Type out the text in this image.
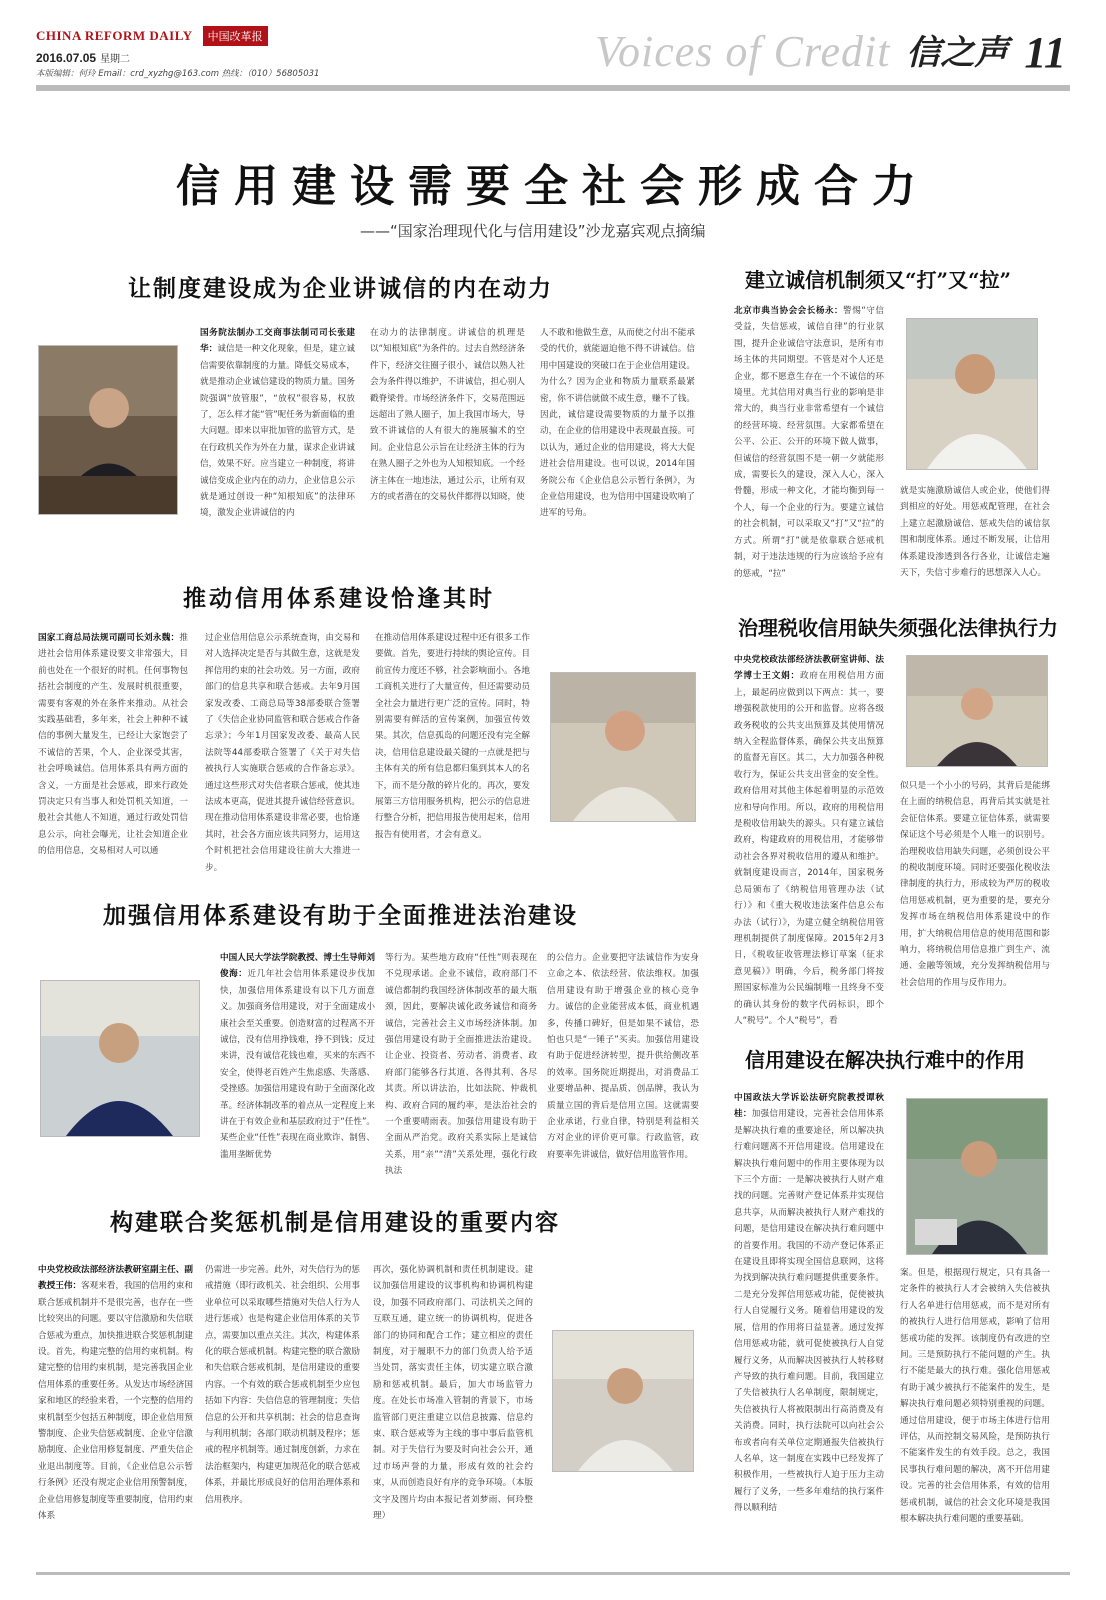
CHINA REFORM DAILY	中国改革报
2016.07.05 星期二
本版编辑：何玲 Email：crd_xyzhg@163.com 热线：（010）56805031	Voices of Credit 信之声 11
信用建设需要全社会形成合力
——“国家治理现代化与信用建设”沙龙嘉宾观点摘编
让制度建设成为企业讲诚信的内在动力
国务院法制办工交商事法制司司长张建华：诚信是一种文化现象，但是，建立诚信需要依靠制度的力量。降低交易成本，就是推动企业诚信建设的物质力量。国务院强调“放管服”，“放权”很容易，权放了，怎么样才能“管”呢任务为新面临的重大问题。即来以审批加管的监管方式，是在行政机关作为外在力量，谋求企业讲诚信，效果不好。应当建立一种制度，将讲诚信变成企业内在的动力，企业信息公示就是通过创设一种“知根知底”的法律环境，激发企业讲诚信的内
在动力的法律制度。讲诚信的机理是以“知根知底”为条件的。过去自然经济条件下，经济交往圈子很小，诚信以熟人社会为条件得以维护，不讲诚信，担心别人戳脊梁骨。市场经济条件下，交易范围远远超出了熟人圈子，加上我国市场大，导致不讲诚信的人有很大的施展骗术的空间。企业信息公示旨在让经济主体的行为在熟人圈子之外也为人知根知底。一个经济主体在一地违法，通过公示，让所有双方的或者潜在的交易伙伴都得以知晓，使
人不敢和他做生意，从而使之付出不能承受的代价，就能逼迫他不得不讲诚信。信用中国建设的突破口在于企业信用建设。为什么？因为企业和物质力量联系最紧密，你不讲信就做不成生意，赚不了钱。因此，诚信建设需要物质的力量予以推动，在企业的信用建设中表现最直接。可以认为，通过企业的信用建设，将大大促进社会信用建设。也可以说，2014年国务院公布《企业信息公示暂行条例》，为企业信用建设，也为信用中国建设吹响了进军的号角。
建立诚信机制须又“打”又“拉”
北京市典当协会会长杨永：警惕“守信受益，失信惩戒，诚信自律”的行业氛围，提升企业诚信守法意识，是所有市场主体的共同期望。不管是对个人还是企业，都不愿意生存在一个不诚信的环境里。尤其信用对典当行业的影响是非常大的，典当行业非常希望有一个诚信的经营环境、经营氛围。大家都希望在公平、公正、公开的环境下做人做事，但诚信的经营氛围不是一朝一夕就能形成，需要长久的建设，深入人心，深入骨髓，形成一种文化，才能均衡到每一个人，每一个企业的行为。要建立诚信的社会机制，可以采取又“打”又“拉”的方式。所谓“打”就是依靠联合惩戒机制，对于违法违规的行为应该给予应有的惩戒，“拉”
就是实施激励诚信人或企业，使他们得到相应的好处。用惩戒配管理，在社会上建立起激励诚信、惩戒失信的诚信氛围和制度体系。通过不断发展，让信用体系建设渗透到各行各业，让诚信走遍天下，失信寸步难行的思想深入人心。
推动信用体系建设恰逢其时
国家工商总局法规司副司长刘永魏：推进社会信用体系建设要文非常强大，目前也处在一个很好的时机。任何事物包括社会制度的产生、发展时机很重要，需要有客观的外在条件来推动。从社会实践基础看，多年来，社会上种种不诚信的事例大量发生，已经让大家饱尝了不诚信的苦果，个人、企业深受其害，社会呼唤诚信。信用体系具有两方面的含义，一方面是社会惩戒，即来行政处罚决定只有当事人和处罚机关知道，一般社会其他人不知道，通过行政处罚信息公示，向社会曝光，让社会知道企业的信用信息，交易相对人可以通
过企业信用信息公示系统查询，由交易和对人选择决定是否与其做生意，这就是发挥信用约束的社会功效。另一方面，政府部门的信息共享和联合惩戒。去年9月国家发改委、工商总局等38部委联合签署了《失信企业协同监管和联合惩戒合作备忘录》；今年1月国家发改委、最高人民法院等44部委联合签署了《关于对失信被执行人实施联合惩戒的合作备忘录》。通过这些形式对失信者联合惩戒，使其违法成本更高，促进其提升诚信经营意识。现在推动信用体系建设非常必要，也恰逢其时，社会各方面应该共同努力，运用这个时机把社会信用建设往前大大推进一步。
在推动信用体系建设过程中还有很多工作要做。首先，要进行持续的舆论宣传。目前宣传力度还不够，社会影响面小。各地工商机关进行了大量宣传，但还需要动员全社会力量进行更广泛的宣传。同时，特别需要有鲜活的宣传案例，加强宣传效果。其次，信息孤岛的问题还没有完全解决，信用信息建设最关键的一点就是把与主体有关的所有信息都归集到其本人的名下，而不是分散的碎片化的。再次，要发展第三方信用服务机构，把公示的信息进行整合分析，把信用报告使用起来，信用报告有使用者，才会有意义。
治理税收信用缺失须强化法律执行力
中央党校政法部经济法教研室讲师、法学博士王文娟：政府在用税信用方面上，最起码应做到以下两点：其一，要增强税款使用的公开和监督。应将各级政务税收的公共支出预算及其使用情况纳入全程监督体系，确保公共支出预算的监督无盲区。其二，大力加强各种税收行为，保证公共支出营金的安全性。政府信用对其他主体起着明显的示范效应和导向作用。所以，政府的用税信用是税收信用缺失的源头。只有建立诚信政府，构建政府的用税信用，才能够带动社会各界对税收信用的遵从和维护。就制度建设而言，2014年，国家税务总局颁布了《纳税信用管理办法（试行）》和《重大税收违法案件信息公布办法（试行）》，为建立健全纳税信用管理机制提供了制度保障。2015年2月3日，《税收征收管理法修订草案（征求意见稿）》明确，今后，税务部门将按照国家标准为公民编制唯一且终身不变的确认其身份的数字代码标识，即个人“税号”。个人“税号”，看
似只是一个小小的号码，其背后是能绑在上面的纳税信息，再背后其实就是社会征信体系。要建立征信体系，就需要保证这个号必须是个人唯一的识别号。治理税收信用缺失问题，必须创设公平的税收制度环境。同时还要强化税收法律制度的执行力，形成较为严厉的税收信用惩戒机制，更为重要的是，要充分发挥市场在纳税信用体系建设中的作用，扩大纳税信用信息的使用范围和影响力，将纳税信用信息推广到生产、流通、金融等领域，充分发挥纳税信用与社会信用的作用与反作用力。
加强信用体系建设有助于全面推进法治建设
中国人民大学法学院教授、博士生导师刘俊海：近几年社会信用体系建设步伐加快，加强信用体系建设有以下几方面意义。加强商务信用建设，对于全面建成小康社会至关重要。创造财富的过程离不开诚信，没有信用挣钱难，挣不到钱；反过来讲，没有诚信花钱也难，买来的东西不安全，使得老百姓产生焦虑感、失落感、受挫感。加强信用建设有助于全面深化改革。经济体制改革的着点从一定程度上来讲在于有效企业和基层政府过于“任性”。某些企业“任性”表现在商业欺诈、制售、滥用垄断优势
等行为。某些地方政府“任性”则表现在不兑现承诺。企业不诚信，政府部门不诚信都制约我国经济体制改革的最大瓶颈，因此，要解决诚化政务诚信和商务诚信，完善社会主义市场经济体制。加强信用建设有助于全面推进法治建设。让企业、投资者、劳动者、消费者、政府部门能够各行其道、各得其利、各尽其责。所以讲法治，比如法院、仲裁机构、政府合同的履约率，是法治社会的一个重要晴雨表。加强信用建设有助于全面从严治党。政府关系实际上是诚信关系，用“亲”“清”关系处理，强化行政执法
的公信力。企业要把守法诚信作为安身立命之本、依法经营、依法维权。加强信用建设有助于增强企业的核心竞争力。诚信的企业能营成本低，商业机遇多，传播口碑好，但是如果不诚信，恐怕也只是“一锤子”买卖。加强信用建设有助于促进经济转型，提升供给侧改革的效率。国务院近期提出，对消费品工业要增品种、提品质、创品牌，我认为质量立国的背后是信用立国。这就需要企业承诺，行业自律，特别是利益相关方对企业的评价更可靠。行政监管，政府要率先讲诚信，做好信用监管作用。
信用建设在解决执行难中的作用
中国政法大学诉讼法研究院教授谭秋桂：加强信用建设，完善社会信用体系是解决执行难的重要途径，所以解决执行难问题离不开信用建设。信用建设在解决执行难问题中的作用主要体现为以下三个方面：一是解决被执行人财产难找的问题。完善财产登记体系并实现信息共享，从而解决被执行人财产难找的问题，是信用建设在解决执行难问题中的首要作用。我国的不动产登记体系正在建设且即将实现全国信息联网，这将为找到解决执行难问题提供重要条件。二是充分发挥信用惩戒功能，促使被执行人自觉履行义务。随着信用建设的发展，信用的作用将日益显著。通过发挥信用惩戒功能，就可促使被执行人自觉履行义务，从而解决因被执行人转移财产导致的执行难问题。目前，我国建立了失信被执行人名单制度，限制规定，失信被执行人将被限制出行高消费及有关消费。同时，执行法院可以向社会公布或者向有关单位定期通报失信被执行人名单，这一制度在实践中已经发挥了积极作用，一些被执行人迫于压力主动履行了义务，一些多年难结的执行案件得以顺利结
案。但是，根据现行规定，只有具备一定条件的被执行人才会被纳入失信被执行人名单进行信用惩戒，而不是对所有的被执行人进行信用惩戒，影响了信用惩戒功能的发挥。该制度仍有改进的空间。三是预防执行不能问题的产生。执行不能是最大的执行难。强化信用惩戒有助于减少被执行不能案件的发生，是解决执行难问题必须特别重视的问题。通过信用建设，便于市场主体进行信用评估，从而控制交易风险，是预防执行不能案件发生的有效手段。总之，我国民事执行难问题的解决，离不开信用建设。完善的社会信用体系，有效的信用惩戒机制，诚信的社会文化环境是我国根本解决执行难问题的重要基础。
构建联合奖惩机制是信用建设的重要内容
中央党校政法部经济法教研室副主任、副教授王伟：客观来看，我国的信用约束和联合惩戒机制并不是很完善，也存在一些比较突出的问题。要以守信激励和失信联合惩戒为重点，加快推进联合奖惩机制建设。首先，构建完整的信用约束机制。构建完整的信用约束机制，是完善我国企业信用体系的重要任务。从发达市场经济国家和地区的经验来看，一个完整的信用约束机制至少包括五种制度，即企业信用预警制度、企业失信惩戒制度、企业守信激励制度、企业信用修复制度、严重失信企业退出制度等。目前，《企业信息公示暂行条例》还没有规定企业信用预警制度，企业信用修复制度等重要制度，信用约束体系
仍需进一步完善。此外，对失信行为的惩戒措施（即行政机关、社会组织、公用事业单位可以采取哪些措施对失信人行为人进行惩戒）也是构建企业信用体系的关节点，需要加以重点关注。其次，构建体系化的联合惩戒机制。构建完整的联合激励和失信联合惩戒机制，是信用建设的重要内容。一个有效的联合惩戒机制至少应包括如下内容：失信信息的管理制度；失信信息的公开和共享机制；社会的信息查询与利用机制；各部门联动机制及程序；惩戒的程序机制等。通过制度创新，力求在法治框架内，构建更加规范化的联合惩戒体系，并最比形成良好的信用治理体系和信用秩序。
再次，强化协调机制和责任机制建设。建议加强信用建设的议事机构和协调机构建设，加强不同政府部门、司法机关之间的互联互通，建立统一的协调机构，促进各部门的协同和配合工作；建立相应的责任制度，对于履职不力的部门负责人给予适当处罚，落实责任主体，切实建立联合激励和惩戒机制。最后，加大市场监管力度。在处长市场准入管制的背景下，市场监管部门更注重建立以信息披露、信息约束、联合惩戒等为主线的事中事后监管机制。对于失信行为要及时向社会公开，通过市场声誉的力量，形成有效的社会约束，从而创造良好有序的竞争环境。（本版文字及图片均由本报记者刘梦雨、何玲整理）
